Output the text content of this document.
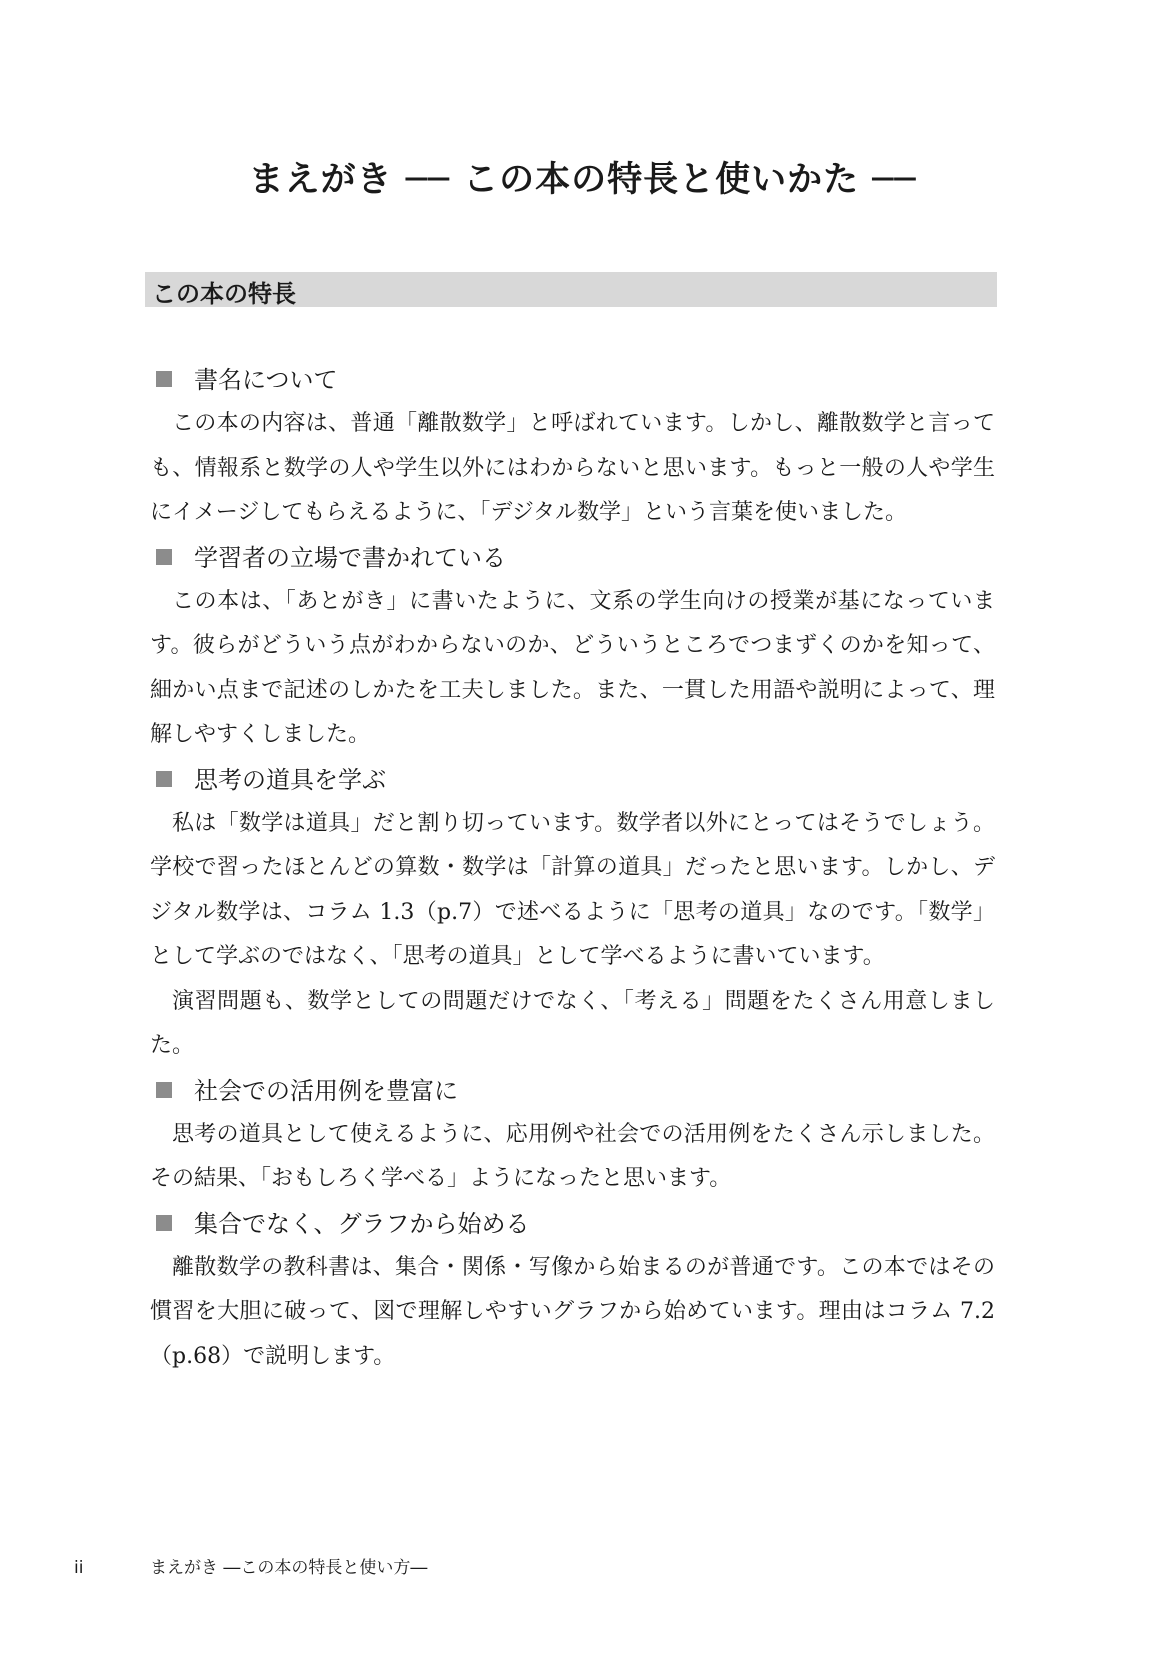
まえがき ── この本の特長と使いかた ──
この本の特長
書名について

この本の内容は、普通「離散数学」と呼ばれています。しかし、離散数学と言っても、情報系と数学の人や学生以外にはわからないと思います。もっと一般の人や学生にイメージしてもらえるように、「デジタル数学」という言葉を使いました。

学習者の立場で書かれている

この本は、「あとがき」に書いたように、文系の学生向けの授業が基になっています。彼らがどういう点がわからないのか、どういうところでつまずくのかを知って、細かい点まで記述のしかたを工夫しました。また、一貫した用語や説明によって、理解しやすくしました。

思考の道具を学ぶ

私は「数学は道具」だと割り切っています。数学者以外にとってはそうでしょう。学校で習ったほとんどの算数・数学は「計算の道具」だったと思います。しかし、デジタル数学は、コラム 1.3（p.7）で述べるように「思考の道具」なのです。「数学」として学ぶのではなく、「思考の道具」として学べるように書いています。

演習問題も、数学としての問題だけでなく、「考える」問題をたくさん用意しました。

社会での活用例を豊富に

思考の道具として使えるように、応用例や社会での活用例をたくさん示しました。その結果、「おもしろく学べる」ようになったと思います。

集合でなく、グラフから始める

離散数学の教科書は、集合・関係・写像から始まるのが普通です。この本ではその慣習を大胆に破って、図で理解しやすいグラフから始めています。理由はコラム 7.2（p.68）で説明します。

ii	まえがき ―この本の特長と使い方―
